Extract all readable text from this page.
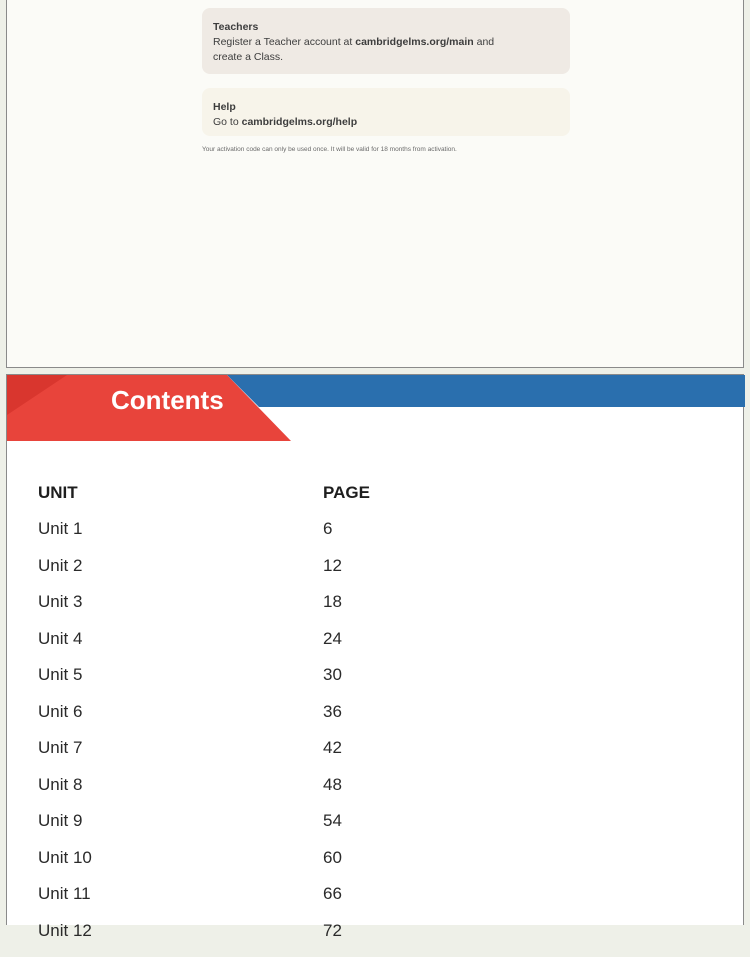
Teachers
Register a Teacher account at cambridgelms.org/main and
create a Class.
Help
Go to cambridgelms.org/help
Your activation code can only be used once. It will be valid for 18 months from activation.
Contents
UNIT	PAGE
Unit 1	6
Unit 2	12
Unit 3	18
Unit 4	24
Unit 5	30
Unit 6	36
Unit 7	42
Unit 8	48
Unit 9	54
Unit 10	60
Unit 11	66
Unit 12	72
